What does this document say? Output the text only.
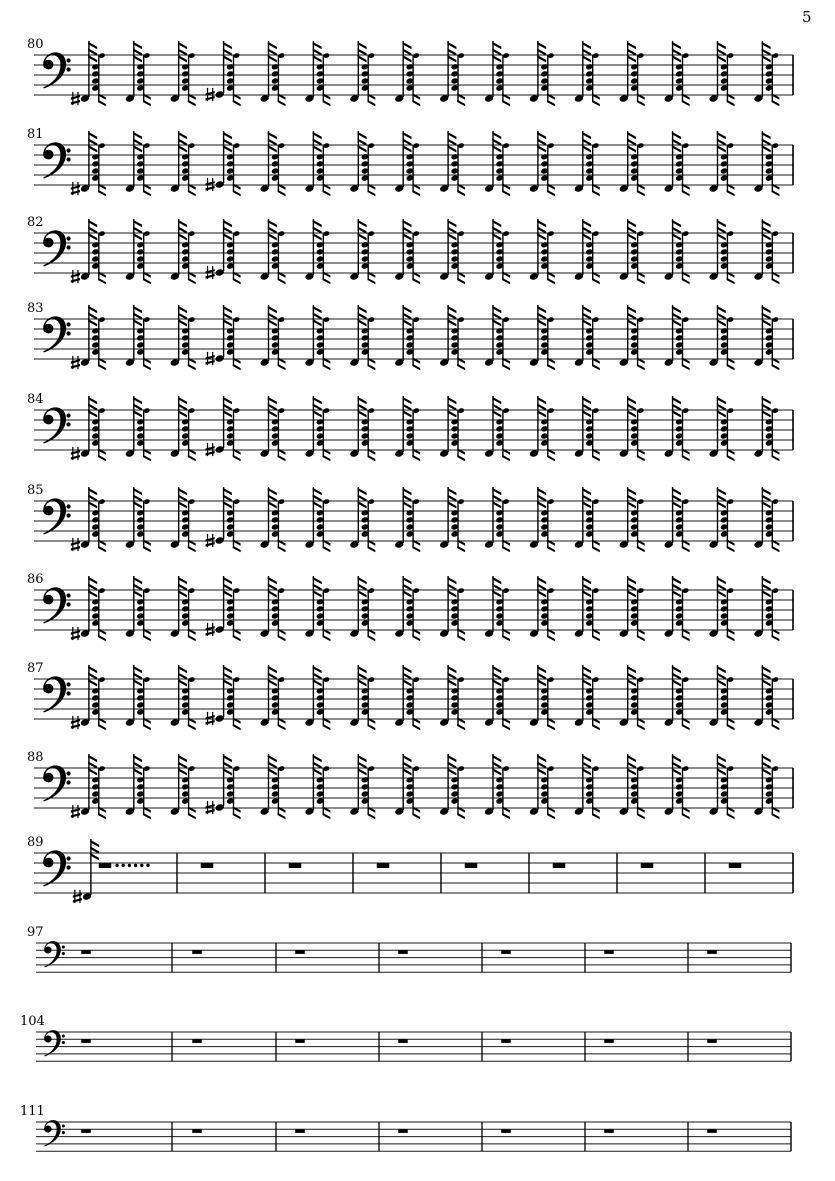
5
80
81
82
83
84
85
86
87
88
89
97
104
111
